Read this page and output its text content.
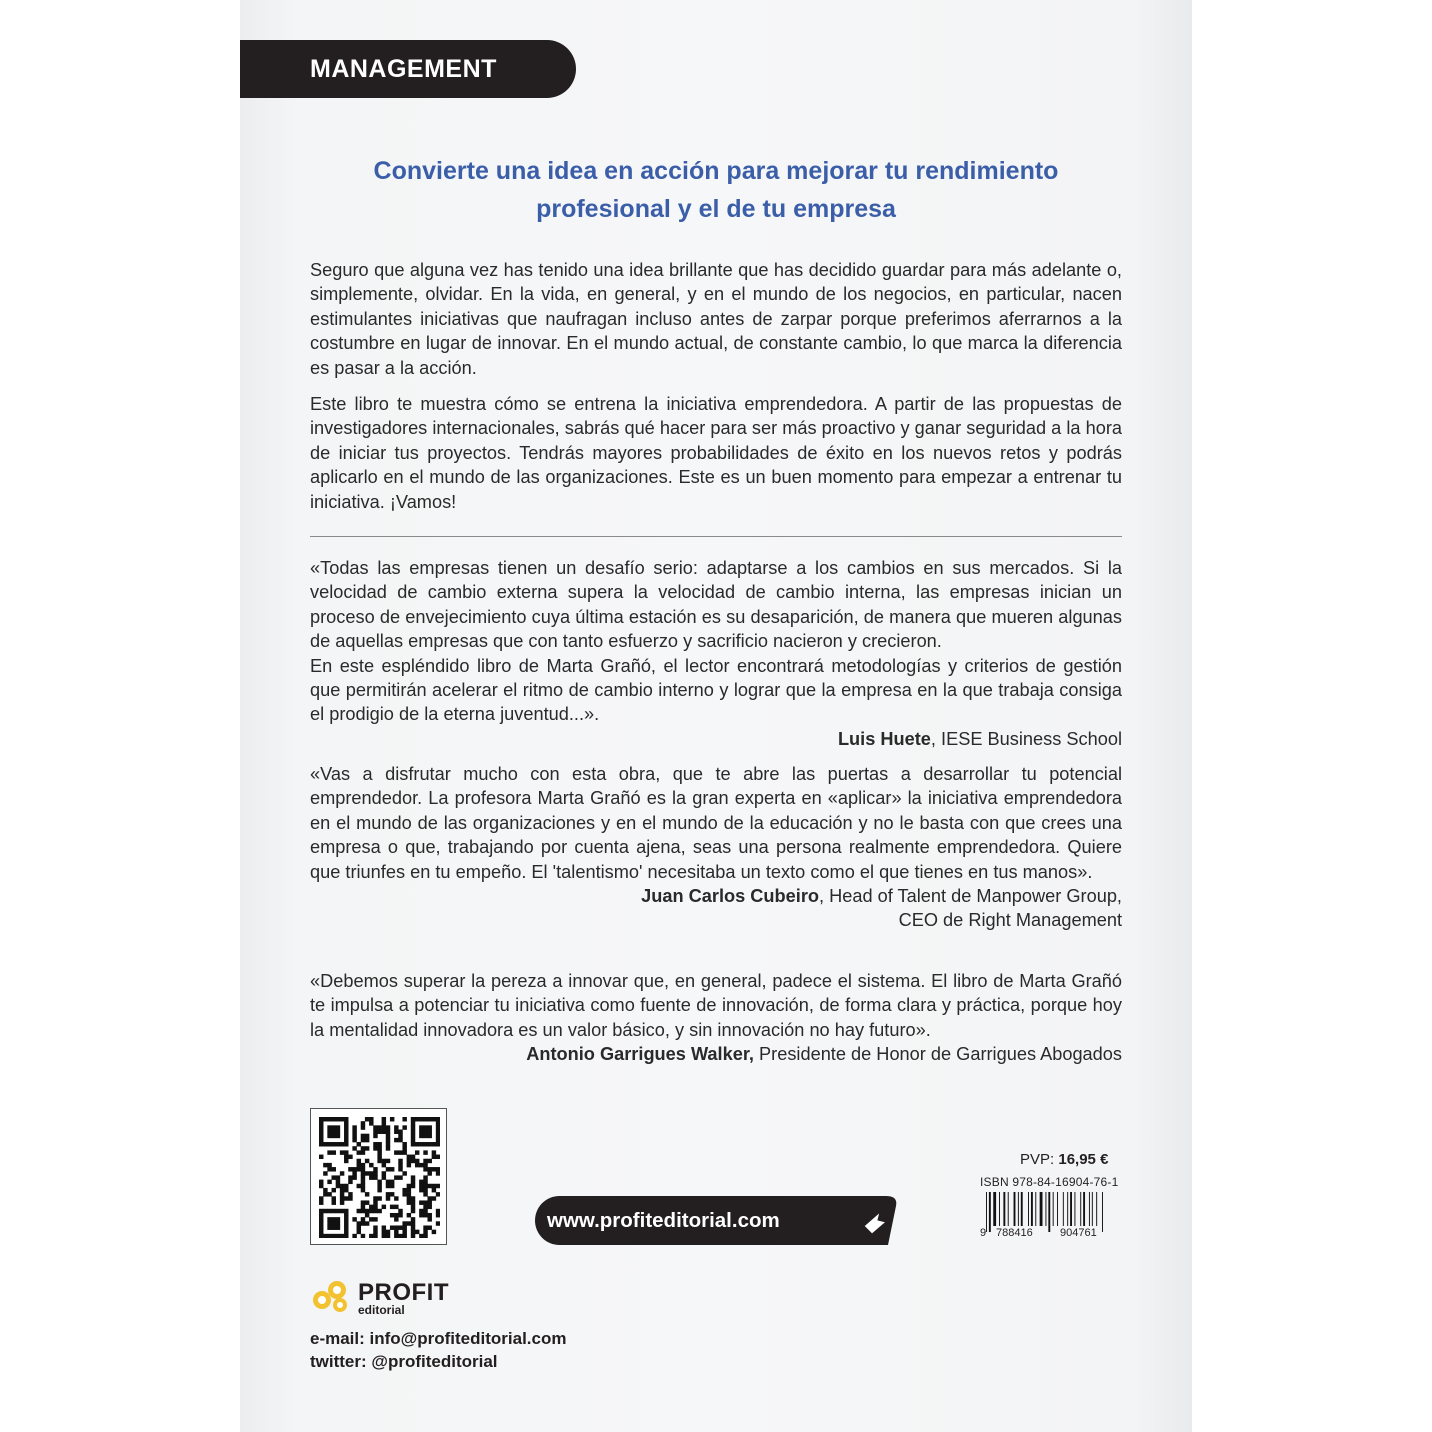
MANAGEMENT
Convierte una idea en acción para mejorar tu rendimiento
profesional y el de tu empresa

Seguro que alguna vez has tenido una idea brillante que has decidido guardar para más adelante o, simplemente, olvidar. En la vida, en general, y en el mundo de los negocios, en particular, nacen estimulantes iniciativas que naufragan incluso antes de zarpar porque preferimos aferrarnos a la costumbre en lugar de innovar. En el mundo actual, de constante cambio, lo que marca la diferencia es pasar a la acción.

Este libro te muestra cómo se entrena la iniciativa emprendedora. A partir de las propuestas de investigadores internacionales, sabrás qué hacer para ser más proactivo y ganar seguridad a la hora de iniciar tus proyectos. Tendrás mayores probabilidades de éxito en los nuevos retos y podrás aplicarlo en el mundo de las organizaciones. Este es un buen momento para empezar a entrenar tu iniciativa. ¡Vamos!

«Todas las empresas tienen un desafío serio: adaptarse a los cambios en sus mercados. Si la velocidad de cambio externa supera la velocidad de cambio interna, las empresas inician un proceso de envejecimiento cuya última estación es su desaparición, de manera que mueren algunas de aquellas empresas que con tanto esfuerzo y sacrificio nacieron y crecieron.

En este espléndido libro de Marta Grañó, el lector encontrará metodologías y criterios de gestión que permitirán acelerar el ritmo de cambio interno y lograr que la empresa en la que trabaja consiga el prodigio de la eterna juventud...».

Luis Huete, IESE Business School

«Vas a disfrutar mucho con esta obra, que te abre las puertas a desarrollar tu potencial emprendedor. La profesora Marta Grañó es la gran experta en «aplicar» la iniciativa emprendedora en el mundo de las organizaciones y en el mundo de la educación y no le basta con que crees una empresa o que, trabajando por cuenta ajena, seas una persona realmente emprendedora. Quiere que triunfes en tu empeño. El 'talentismo' necesitaba un texto como el que tienes en tus manos».

Juan Carlos Cubeiro, Head of Talent de Manpower Group,

CEO de Right Management

«Debemos superar la pereza a innovar que, en general, padece el sistema. El libro de Marta Grañó te impulsa a potenciar tu iniciativa como fuente de innovación, de forma clara y práctica, porque hoy la mentalidad innovadora es un valor básico, y sin innovación no hay futuro».

Antonio Garrigues Walker, Presidente de Honor de Garrigues Abogados

www.profiteditorial.com
PROFIT
editorial
e-mail: info@profiteditorial.com
twitter: @profiteditorial
PVP: 16,95 €
ISBN 978-84-16904-76-1
9 788416 904761
